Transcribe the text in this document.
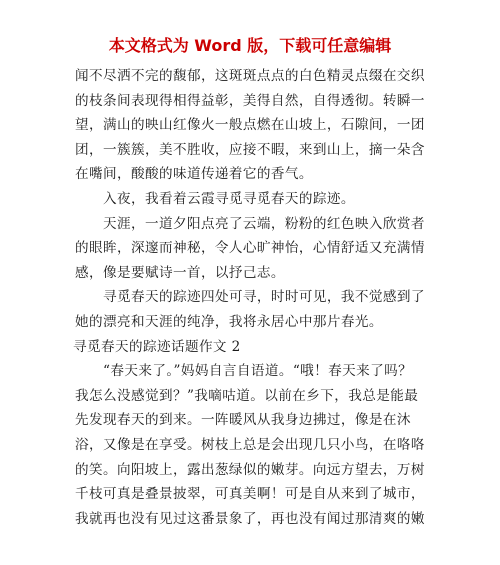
本文格式为 Word 版，下载可任意编辑
闻不尽洒不完的馥郁，这斑斑点点的白色精灵点缀在交织
的枝条间表现得相得益彰，美得自然，自得透彻。转瞬一
望，满山的映山红像火一般点燃在山坡上，石隙间，一团
团，一簇簇，美不胜收，应接不暇，来到山上，摘一朵含
在嘴间，酸酸的味道传递着它的香气。
入夜，我看着云霞寻觅寻觅春天的踪迹。
天涯，一道夕阳点亮了云端，粉粉的红色映入欣赏者
的眼眸，深邃而神秘，令人心旷神怡，心情舒适又充满情
感，像是要赋诗一首，以抒己志。
寻觅春天的踪迹四处可寻，时时可见，我不觉感到了
她的漂亮和天涯的纯净，我将永居心中那片春光。
寻觅春天的踪迹话题作文 2
“春天来了。”妈妈自言自语道。“哦！春天来了吗？
我怎么没感觉到？”我嘀咕道。以前在乡下，我总是能最
先发现春天的到来。一阵暖风从我身边拂过，像是在沐
浴，又像是在享受。树枝上总是会出现几只小鸟，在咯咯
的笑。向阳坡上，露出葱绿似的嫩芽。向远方望去，万树
千枝可真是叠景披翠，可真美啊！可是自从来到了城市，
我就再也没有见过这番景象了，再也没有闻过那清爽的嫩
